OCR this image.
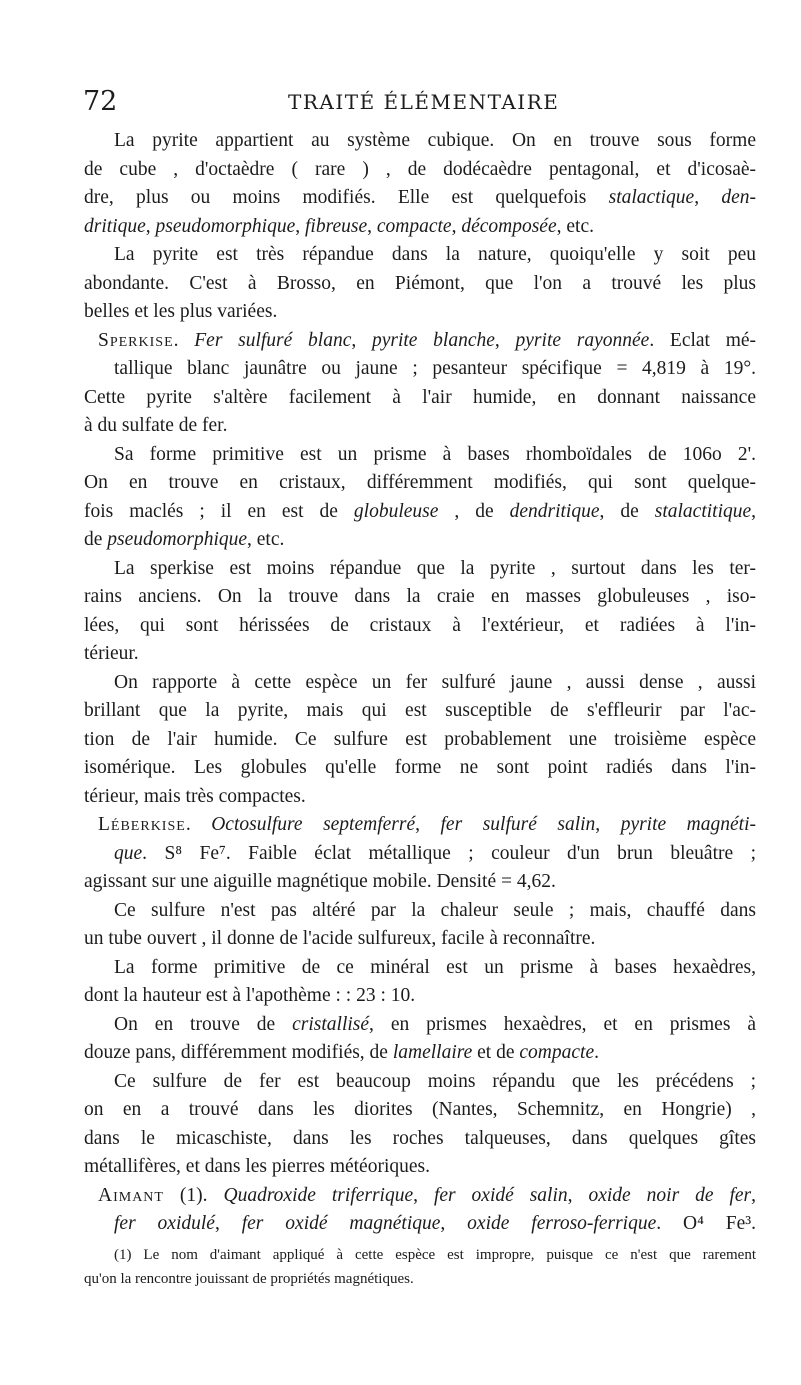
72	TRAITÉ ÉLÉMENTAIRE
La pyrite appartient au système cubique. On en trouve sous forme
de cube , d'octaèdre ( rare ) , de dodécaèdre pentagonal, et d'icosaè-
dre, plus ou moins modifiés. Elle est quelquefois stalactique, den-
dritique, pseudomorphique, fibreuse, compacte, décomposée, etc.
La pyrite est très répandue dans la nature, quoiqu'elle y soit peu
abondante. C'est à Brosso, en Piémont, que l'on a trouvé les plus
belles et les plus variées.
Sperkise. Fer sulfuré blanc, pyrite blanche, pyrite rayonnée. Eclat mé-
tallique blanc jaunâtre ou jaune ; pesanteur spécifique = 4,819 à 19°.
Cette pyrite s'altère facilement à l'air humide, en donnant naissance
à du sulfate de fer.
Sa forme primitive est un prisme à bases rhomboïdales de 106o 2'.
On en trouve en cristaux, différemment modifiés, qui sont quelque-
fois maclés ; il en est de globuleuse , de dendritique, de stalactitique,
de pseudomorphique, etc.
La sperkise est moins répandue que la pyrite , surtout dans les ter-
rains anciens. On la trouve dans la craie en masses globuleuses , iso-
lées, qui sont hérissées de cristaux à l'extérieur, et radiées à l'in-
térieur.
On rapporte à cette espèce un fer sulfuré jaune , aussi dense , aussi
brillant que la pyrite, mais qui est susceptible de s'effleurir par l'ac-
tion de l'air humide. Ce sulfure est probablement une troisième espèce
isomérique. Les globules qu'elle forme ne sont point radiés dans l'in-
térieur, mais très compactes.
Léberkise. Octosulfure septemferré, fer sulfuré salin, pyrite magnéti-
que. S⁸ Fe⁷. Faible éclat métallique ; couleur d'un brun bleuâtre ;
agissant sur une aiguille magnétique mobile. Densité = 4,62.
Ce sulfure n'est pas altéré par la chaleur seule ; mais, chauffé dans
un tube ouvert , il donne de l'acide sulfureux, facile à reconnaître.
La forme primitive de ce minéral est un prisme à bases hexaèdres,
dont la hauteur est à l'apothème : : 23 : 10.
On en trouve de cristallisé, en prismes hexaèdres, et en prismes à
douze pans, différemment modifiés, de lamellaire et de compacte.
Ce sulfure de fer est beaucoup moins répandu que les précédens ;
on en a trouvé dans les diorites (Nantes, Schemnitz, en Hongrie) ,
dans le micaschiste, dans les roches talqueuses, dans quelques gîtes
métallifères, et dans les pierres météoriques.
Aimant (1). Quadroxide triferrique, fer oxidé salin, oxide noir de fer,
fer oxidulé, fer oxidé magnétique, oxide ferroso-ferrique. O⁴ Fe³.
(1) Le nom d'aimant appliqué à cette espèce est impropre, puisque ce n'est que rarement
qu'on la rencontre jouissant de propriétés magnétiques.
